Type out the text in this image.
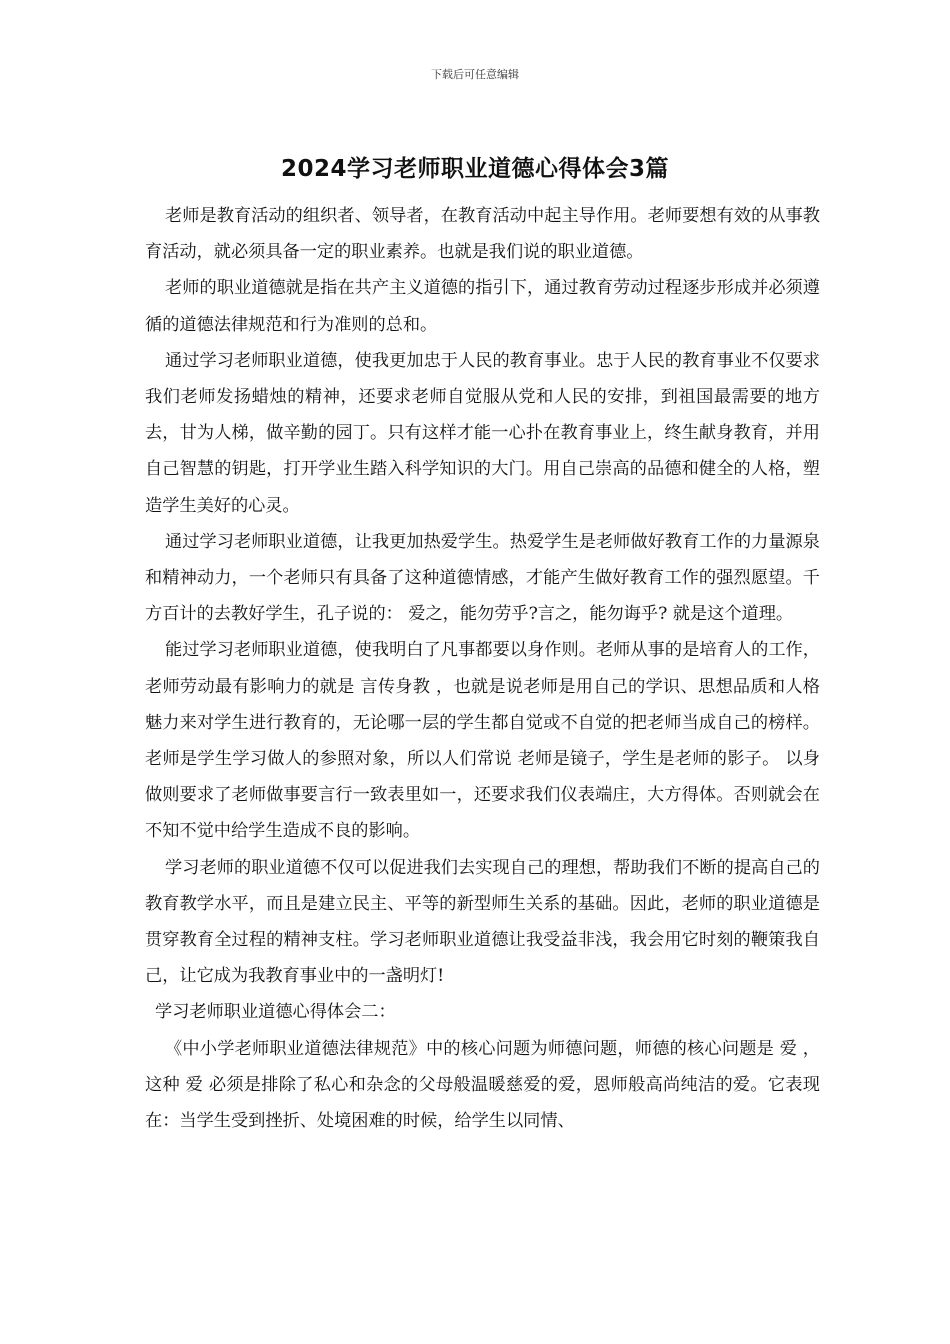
下载后可任意编辑
2024学习老师职业道德心得体会3篇

老师是教育活动的组织者、领导者，在教育活动中起主导作用。老师要想有效的从事教育活动，就必须具备一定的职业素养。也就是我们说的职业道德。

老师的职业道德就是指在共产主义道德的指引下，通过教育劳动过程逐步形成并必须遵循的道德法律规范和行为准则的总和。

通过学习老师职业道德，使我更加忠于人民的教育事业。忠于人民的教育事业不仅要求我们老师发扬蜡烛的精神，还要求老师自觉服从党和人民的安排，到祖国最需要的地方去，甘为人梯，做辛勤的园丁。只有这样才能一心扑在教育事业上，终生献身教育，并用自己智慧的钥匙，打开学业生踏入科学知识的大门。用自己崇高的品德和健全的人格，塑造学生美好的心灵。

通过学习老师职业道德，让我更加热爱学生。热爱学生是老师做好教育工作的力量源泉和精神动力，一个老师只有具备了这种道德情感，才能产生做好教育工作的强烈愿望。千方百计的去教好学生，孔子说的： 爱之，能勿劳乎?言之，能勿诲乎? 就是这个道理。

能过学习老师职业道德，使我明白了凡事都要以身作则。老师从事的是培育人的工作，老师劳动最有影响力的就是 言传身教 ，也就是说老师是用自己的学识、思想品质和人格魅力来对学生进行教育的，无论哪一层的学生都自觉或不自觉的把老师当成自己的榜样。老师是学生学习做人的参照对象，所以人们常说 老师是镜子，学生是老师的影子。 以身做则要求了老师做事要言行一致表里如一，还要求我们仪表端庄，大方得体。否则就会在不知不觉中给学生造成不良的影响。

学习老师的职业道德不仅可以促进我们去实现自己的理想，帮助我们不断的提高自己的教育教学水平，而且是建立民主、平等的新型师生关系的基础。因此，老师的职业道德是贯穿教育全过程的精神支柱。学习老师职业道德让我受益非浅，我会用它时刻的鞭策我自己，让它成为我教育事业中的一盏明灯!

学习老师职业道德心得体会二：

《中小学老师职业道德法律规范》中的核心问题为师德问题，师德的核心问题是 爱 ，这种 爱 必须是排除了私心和杂念的父母般温暖慈爱的爱，恩师般高尚纯洁的爱。它表现在：当学生受到挫折、处境困难的时候，给学生以同情、
